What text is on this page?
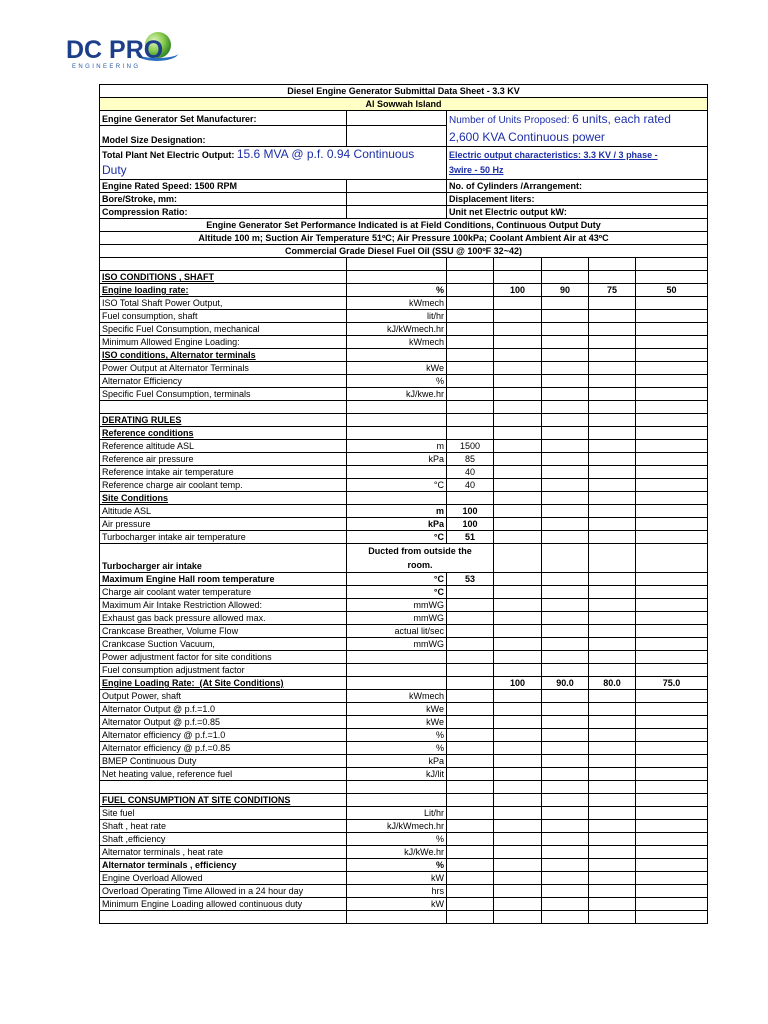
DC PRO
ENGINEERING
Diesel Engine Generator Submittal Data Sheet - 3.3 KV						
Al Sowwah Island						
Engine Generator Set Manufacturer:		Number of Units Proposed: 6 units, each rated
2,600 KVA Continuous power				
Model Size Designation:						
Total Plant Net Electric Output: 15.6 MVA @ p.f. 0.94 Continuous
Duty		Electric output characteristics: 3.3 KV / 3 phase -
3wire - 50 Hz				
Engine Rated Speed: 1500 RPM		No. of Cylinders /Arrangement:				
Bore/Stroke, mm:		Displacement liters:				
Compression Ratio:		Unit net Electric output kW:				
Engine Generator Set Performance Indicated is at Field Conditions, Continuous Output Duty						
Altitude 100 m; Suction Air Temperature 51ºC; Air Pressure 100kPa; Coolant Ambient Air at 43ºC						
Commercial Grade Diesel Fuel Oil (SSU @ 100ºF 32~42)						

ISO CONDITIONS , SHAFT						
Engine loading rate:	%		100	90	75	50
ISO Total Shaft Power Output,	kWmech					
Fuel consumption, shaft	lit/hr					
Specific Fuel Consumption, mechanical	kJ/kWmech.hr					
Minimum Allowed Engine Loading:	kWmech					
ISO conditions, Alternator terminals						
Power Output at Alternator Terminals	kWe					
Alternator Efficiency	%					
Specific Fuel Consumption, terminals	kJ/kwe.hr					

DERATING RULES						
Reference conditions						
Reference altitude ASL	m	1500				
Reference air pressure	kPa	85				
Reference intake air temperature		40				
Reference charge air coolant temp.	°C	40				
Site Conditions						
Altitude ASL	m	100				
Air pressure	kPa	100				
Turbocharger intake air temperature	°C	51				
Turbocharger air intake	Ducted from outside the
room.					
Maximum Engine Hall room temperature	°C	53				
Charge air coolant water temperature	°C					
Maximum Air Intake Restriction Allowed:	mmWG					
Exhaust gas back pressure allowed max.	mmWG					
Crankcase Breather, Volume Flow	actual lit/sec					
Crankcase Suction Vacuum,	mmWG					
Power adjustment factor for site conditions						
Fuel consumption adjustment factor						
Engine Loading Rate: (At Site Conditions)			100	90.0	80.0	75.0
Output Power, shaft	kWmech					
Alternator Output @ p.f.=1.0	kWe					
Alternator Output @ p.f.=0.85	kWe					
Alternator efficiency @ p.f.=1.0	%					
Alternator efficiency @ p.f.=0.85	%					
BMEP Continuous Duty	kPa					
Net heating value, reference fuel	kJ/lit					

FUEL CONSUMPTION AT SITE CONDITIONS						
Site fuel	Lit/hr					
Shaft , heat rate	kJ/kWmech.hr					
Shaft ,efficiency	%					
Alternator terminals , heat rate	kJ/kWe.hr					
Alternator terminals , efficiency	%					
Engine Overload Allowed	kW					
Overload Operating Time Allowed in a 24 hour day	hrs					
Minimum Engine Loading allowed continuous duty	kW					
